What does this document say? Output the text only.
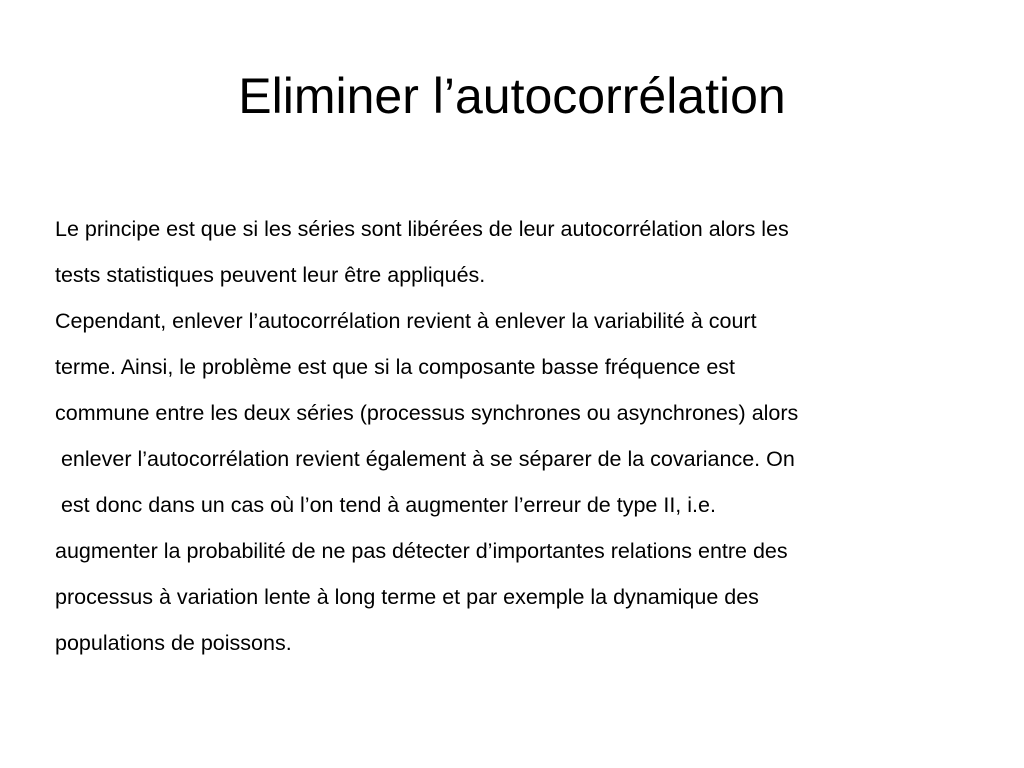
Eliminer l’autocorrélation
Le principe est que si les séries sont libérées de leur autocorrélation alors les
tests statistiques peuvent leur être appliqués.
Cependant, enlever l’autocorrélation revient à enlever la variabilité à court
terme. Ainsi, le problème est que si la composante basse fréquence est
commune entre les deux séries (processus synchrones ou asynchrones) alors
enlever l’autocorrélation revient également à se séparer de la covariance. On
est donc dans un cas où l’on tend à augmenter l’erreur de type II, i.e.
augmenter la probabilité de ne pas détecter d’importantes relations entre des
processus à variation lente à long terme et par exemple la dynamique des
populations de poissons.
